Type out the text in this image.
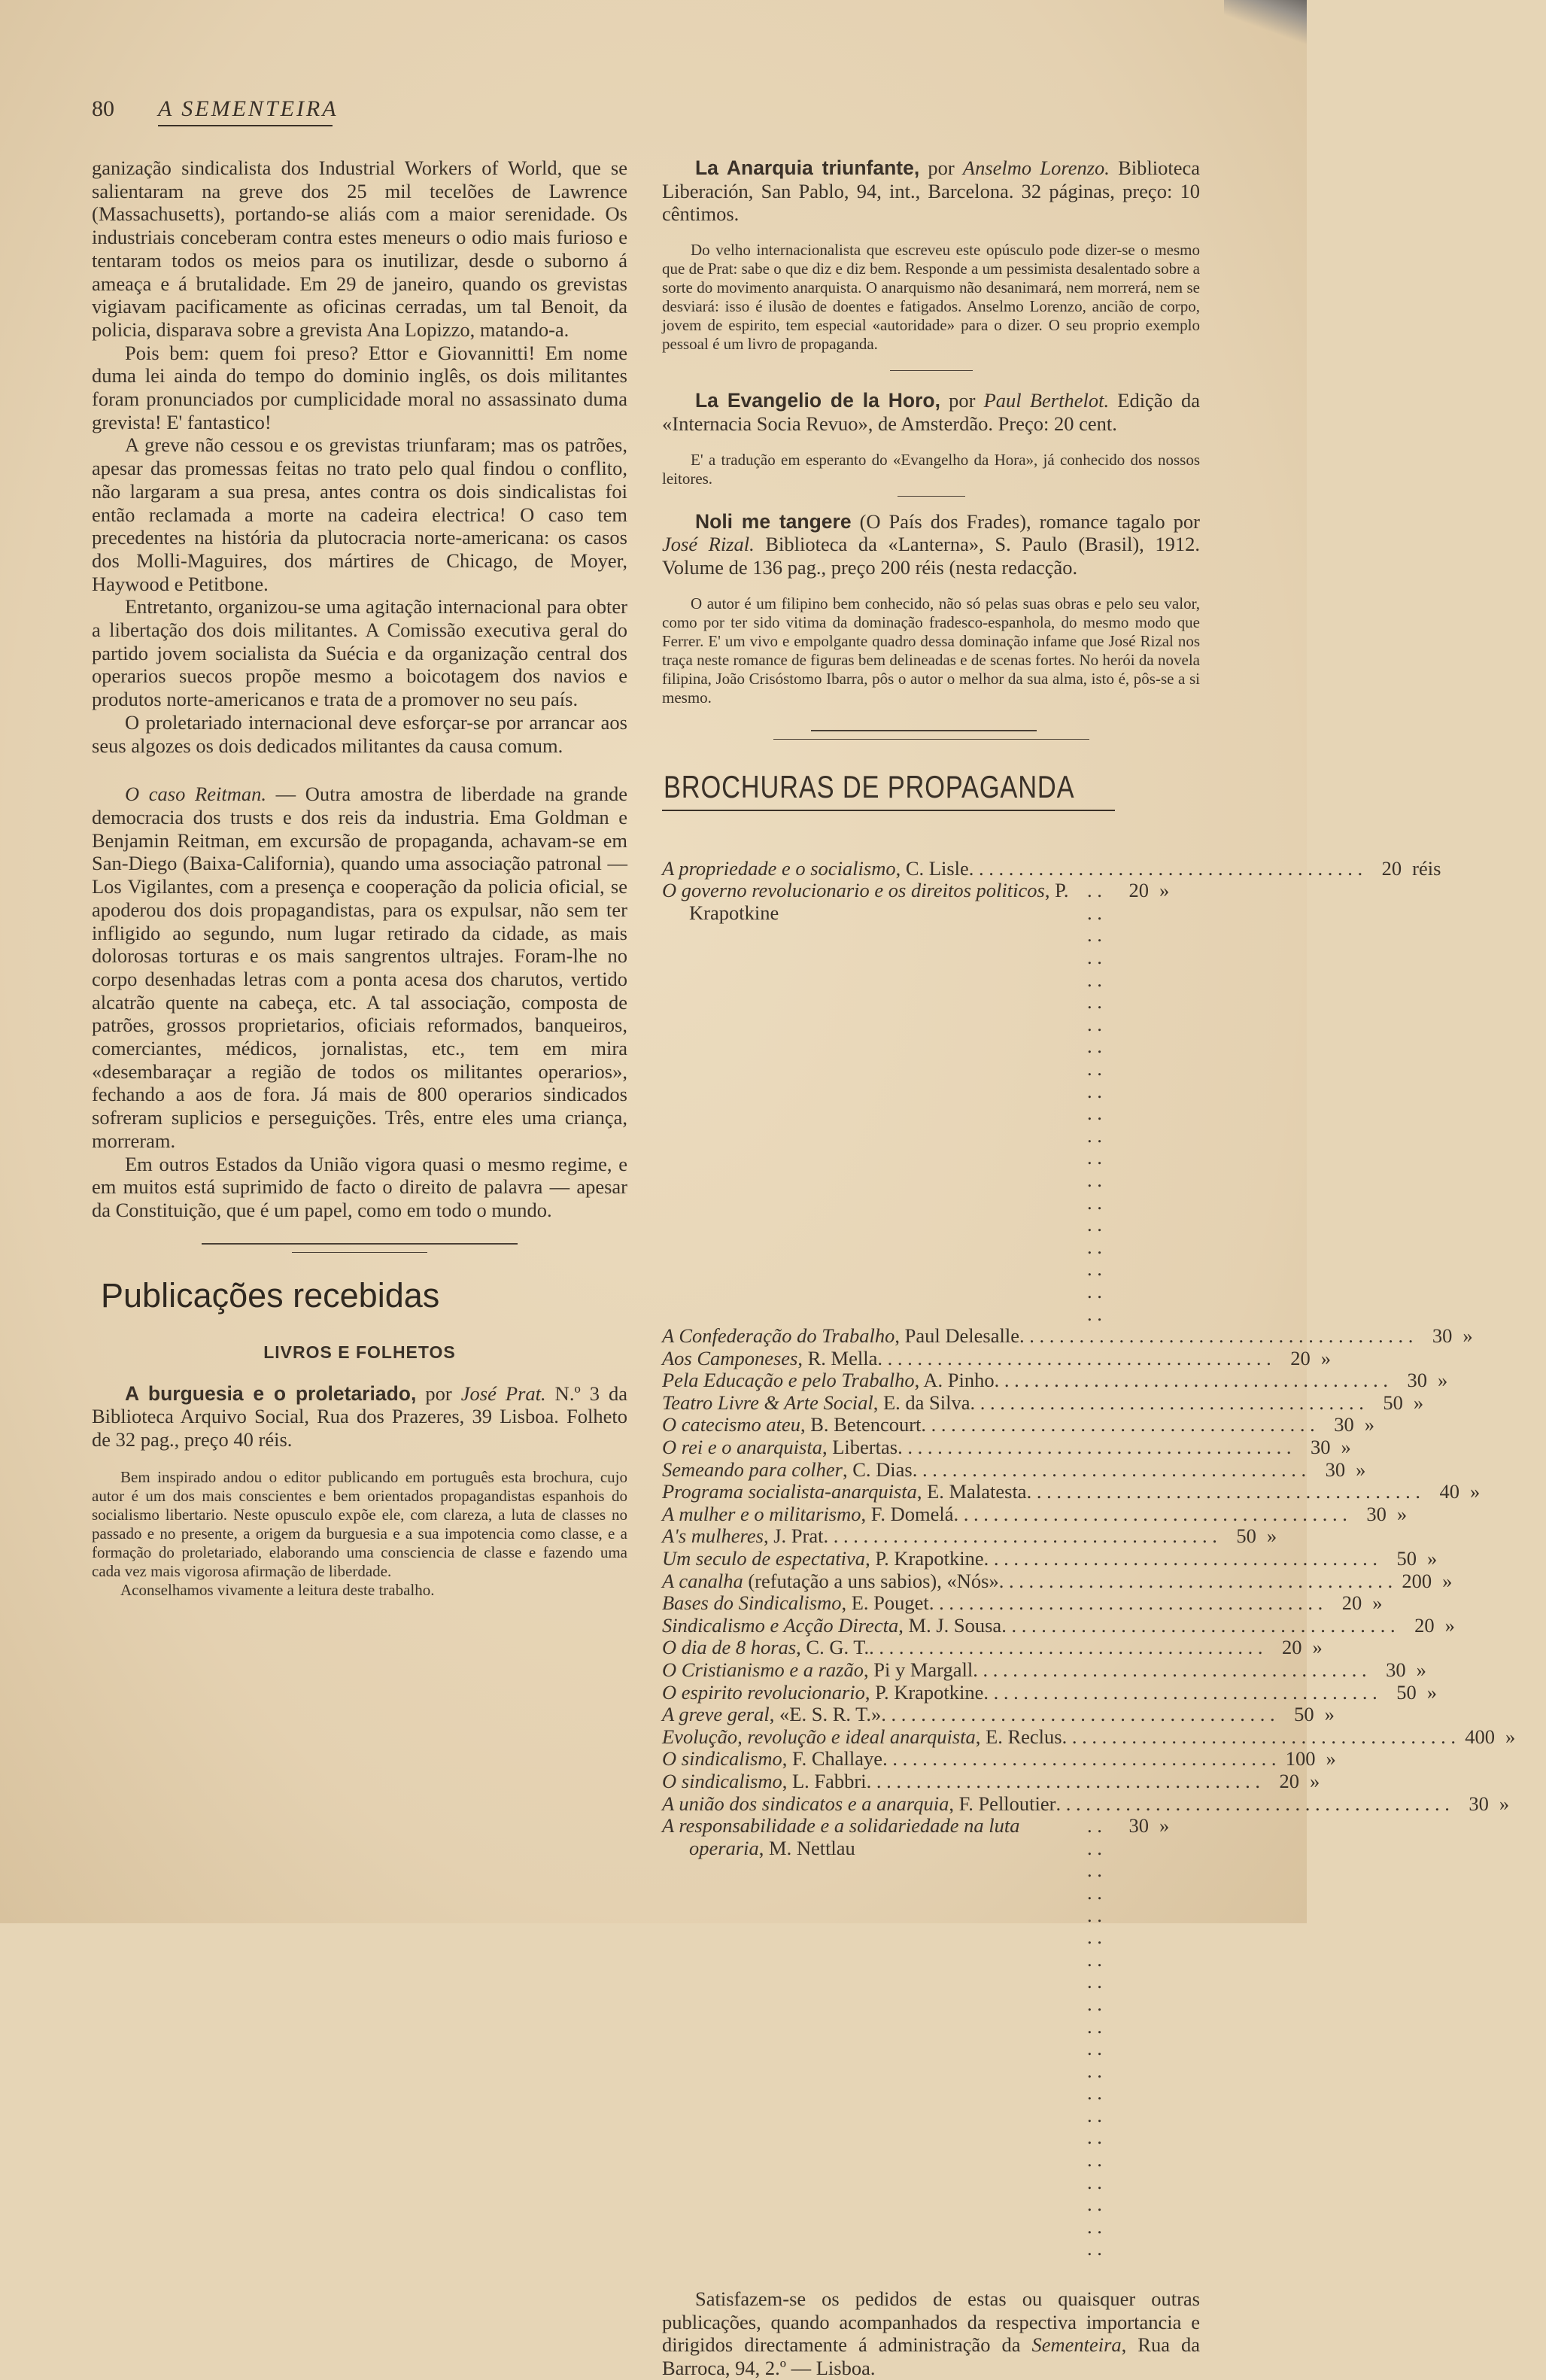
80 A SEMENTEIRA

ganização sindicalista dos Industrial Workers of World, que se salientaram na greve dos 25 mil tecelões de Lawrence (Massachusetts), portando-se aliás com a maior serenidade. Os industriais conceberam contra estes meneurs o odio mais furioso e tentaram todos os meios para os inutilizar, desde o suborno á ameaça e á brutalidade. Em 29 de janeiro, quando os grevistas vigiavam pacificamente as oficinas cerradas, um tal Benoit, da policia, disparava sobre a grevista Ana Lopizzo, matando-a.

Pois bem: quem foi preso? Ettor e Giovannitti! Em nome duma lei ainda do tempo do dominio inglês, os dois militantes foram pronunciados por cumplicidade moral no assassinato duma grevista! E' fantastico!

A greve não cessou e os grevistas triunfaram; mas os patrões, apesar das promessas feitas no trato pelo qual findou o conflito, não largaram a sua presa, antes contra os dois sindicalistas foi então reclamada a morte na cadeira electrica! O caso tem precedentes na história da plutocracia norte-americana: os casos dos Molli-Maguires, dos mártires de Chicago, de Moyer, Haywood e Petitbone.

Entretanto, organizou-se uma agitação internacional para obter a libertação dos dois militantes. A Comissão executiva geral do partido jovem socialista da Suécia e da organização central dos operarios suecos propõe mesmo a boicotagem dos navios e produtos norte-americanos e trata de a promover no seu país.

O proletariado internacional deve esforçar-se por arrancar aos seus algozes os dois dedicados militantes da causa comum.

O caso Reitman. — Outra amostra de liberdade na grande democracia dos trusts e dos reis da industria. Ema Goldman e Benjamin Reitman, em excursão de propaganda, achavam-se em San-Diego (Baixa-California), quando uma associação patronal — Los Vigilantes, com a presença e cooperação da policia oficial, se apoderou dos dois propagandistas, para os expulsar, não sem ter infligido ao segundo, num lugar retirado da cidade, as mais dolorosas torturas e os mais sangrentos ultrajes. Foram-lhe no corpo desenhadas letras com a ponta acesa dos charutos, vertido alcatrão quente na cabeça, etc. A tal associação, composta de patrões, grossos proprietarios, oficiais reformados, banqueiros, comerciantes, médicos, jornalistas, etc., tem em mira «desembaraçar a região de todos os militantes operarios», fechando a aos de fora. Já mais de 800 operarios sindicados sofreram suplicios e perseguições. Três, entre eles uma criança, morreram.

Em outros Estados da União vigora quasi o mesmo regime, e em muitos está suprimido de facto o direito de palavra — apesar da Constituição, que é um papel, como em todo o mundo.

Publicações recebidas
LIVROS E FOLHETOS

A burguesia e o proletariado, por José Prat. N.º 3 da Biblioteca Arquivo Social, Rua dos Prazeres, 39 Lisboa. Folheto de 32 pag., preço 40 réis.

Bem inspirado andou o editor publicando em português esta brochura, cujo autor é um dos mais conscientes e bem orientados propagandistas espanhois do socialismo libertario. Neste opusculo expõe ele, com clareza, a luta de classes no passado e no presente, a origem da burguesia e a sua impotencia como classe, e a formação do proletariado, elaborando uma consciencia de classe e fazendo uma cada vez mais vigorosa afirmação de liberdade.

Aconselhamos vivamente a leitura deste trabalho.

La Anarquia triunfante, por Anselmo Lorenzo. Biblioteca Liberación, San Pablo, 94, int., Barcelona. 32 páginas, preço: 10 cêntimos.

Do velho internacionalista que escreveu este opúsculo pode dizer-se o mesmo que de Prat: sabe o que diz e diz bem. Responde a um pessimista desalentado sobre a sorte do movimento anarquista. O anarquismo não desanimará, nem morrerá, nem se desviará: isso é ilusão de doentes e fatigados. Anselmo Lorenzo, ancião de corpo, jovem de espirito, tem especial «autoridade» para o dizer. O seu proprio exemplo pessoal é um livro de propaganda.

La Evangelio de la Horo, por Paul Berthelot. Edição da «Internacia Socia Revuo», de Amsterdão. Preço: 20 cent.

E' a tradução em esperanto do «Evangelho da Hora», já conhecido dos nossos leitores.

Noli me tangere (O País dos Frades), romance tagalo por José Rizal. Biblioteca da «Lanterna», S. Paulo (Brasil), 1912. Volume de 136 pag., preço 200 réis (nesta redacção.

O autor é um filipino bem conhecido, não só pelas suas obras e pelo seu valor, como por ter sido vitima da dominação fradesco-espanhola, do mesmo modo que Ferrer. E' um vivo e empolgante quadro dessa dominação infame que José Rizal nos traça neste romance de figuras bem delineadas e de scenas fortes. No herói da novela filipina, João Crisóstomo Ibarra, pôs o autor o melhor da sua alma, isto é, pôs-se a si mesmo.

BROCHURAS DE PROPAGANDA
A propriedade e o socialismo, C. Lisle . . . . . . . . . . . . . . . . . . . . . . . . . . . . . . . . . . . . . . . . 20 réis
O governo revolucionario e os direitos politicos, P. Krapotkine
. . . . . . . . . . . . . . . . . . . . . . . . . . . . . . . . . . . . . . . .
20 »
A Confederação do Trabalho, Paul Delesalle . . . . . . . . . . . . . . . . . . . . . . . . . . . . . . . . . . . . . . . . 30 »
Aos Camponeses, R. Mella . . . . . . . . . . . . . . . . . . . . . . . . . . . . . . . . . . . . . . . . 20 »
Pela Educação e pelo Trabalho, A. Pinho . . . . . . . . . . . . . . . . . . . . . . . . . . . . . . . . . . . . . . . . 30 »
Teatro Livre & Arte Social, E. da Silva . . . . . . . . . . . . . . . . . . . . . . . . . . . . . . . . . . . . . . . . 50 »
O catecismo ateu, B. Betencourt . . . . . . . . . . . . . . . . . . . . . . . . . . . . . . . . . . . . . . . . 30 »
O rei e o anarquista, Libertas . . . . . . . . . . . . . . . . . . . . . . . . . . . . . . . . . . . . . . . . 30 »
Semeando para colher, C. Dias . . . . . . . . . . . . . . . . . . . . . . . . . . . . . . . . . . . . . . . . 30 »
Programa socialista-anarquista, E. Malatesta . . . . . . . . . . . . . . . . . . . . . . . . . . . . . . . . . . . . . . . . 40 »
A mulher e o militarismo, F. Domelá . . . . . . . . . . . . . . . . . . . . . . . . . . . . . . . . . . . . . . . . 30 »
A's mulheres, J. Prat . . . . . . . . . . . . . . . . . . . . . . . . . . . . . . . . . . . . . . . . 50 »
Um seculo de espectativa, P. Krapotkine . . . . . . . . . . . . . . . . . . . . . . . . . . . . . . . . . . . . . . . . 50 »
A canalha (refutação a uns sabios), «Nós» . . . . . . . . . . . . . . . . . . . . . . . . . . . . . . . . . . . . . . . . 200 »
Bases do Sindicalismo, E. Pouget . . . . . . . . . . . . . . . . . . . . . . . . . . . . . . . . . . . . . . . . 20 »
Sindicalismo e Acção Directa, M. J. Sousa . . . . . . . . . . . . . . . . . . . . . . . . . . . . . . . . . . . . . . . . 20 »
O dia de 8 horas, C. G. T. . . . . . . . . . . . . . . . . . . . . . . . . . . . . . . . . . . . . . . . . 20 »
O Cristianismo e a razão, Pi y Margall . . . . . . . . . . . . . . . . . . . . . . . . . . . . . . . . . . . . . . . . 30 »
O espirito revolucionario, P. Krapotkine . . . . . . . . . . . . . . . . . . . . . . . . . . . . . . . . . . . . . . . . 50 »
A greve geral, «E. S. R. T.» . . . . . . . . . . . . . . . . . . . . . . . . . . . . . . . . . . . . . . . . 50 »
Evolução, revolução e ideal anarquista, E. Reclus . . . . . . . . . . . . . . . . . . . . . . . . . . . . . . . . . . . . . . . . 400 »
O sindicalismo, F. Challaye . . . . . . . . . . . . . . . . . . . . . . . . . . . . . . . . . . . . . . . . 100 »
O sindicalismo, L. Fabbri . . . . . . . . . . . . . . . . . . . . . . . . . . . . . . . . . . . . . . . . 20 »
A união dos sindicatos e a anarquia, F. Pelloutier . . . . . . . . . . . . . . . . . . . . . . . . . . . . . . . . . . . . . . . . 30 »
A responsabilidade e a solidariedade na luta operaria, M. Nettlau
. . . . . . . . . . . . . . . . . . . . . . . . . . . . . . . . . . . . . . . .
30 »

Satisfazem-se os pedidos de estas ou quaisquer outras publicações, quando acompanhados da respectiva importancia e dirigidos directamente á administração da Sementeira, Rua da Barroca, 94, 2.º — Lisboa.
